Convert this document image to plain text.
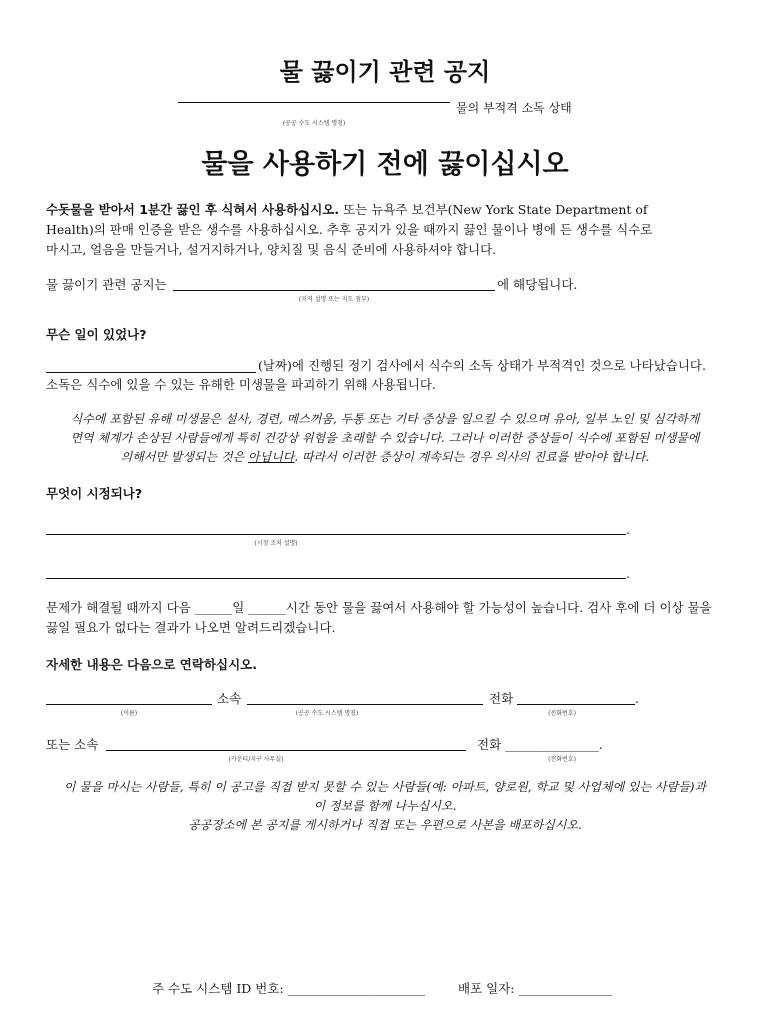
물 끓이기 관련 공지
물의 부적격 소독 상태
(공공 수도 시스템 명칭)
물을 사용하기 전에 끓이십시오
수돗물을 받아서 1분간 끓인 후 식혀서 사용하십시오. 또는 뉴욕주 보건부(New York State Department of
Health)의 판매 인증을 받은 생수를 사용하십시오. 추후 공지가 있을 때까지 끓인 물이나 병에 든 생수를 식수로
마시고, 얼음을 만들거나, 설거지하거나, 양치질 및 음식 준비에 사용하셔야 합니다.
물 끓이기 관련 공지는	에 해당됩니다.
(지역 설명 또는 지도 첨부)
무슨 일이 있었나?
(날짜)에 진행된 정기 검사에서 식수의 소독 상태가 부적격인 것으로 나타났습니다.
소독은 식수에 있을 수 있는 유해한 미생물을 파괴하기 위해 사용됩니다.
식수에 포함된 유해 미생물은 설사, 경련, 메스꺼움, 두통 또는 기타 증상을 일으킬 수 있으며 유아, 일부 노인 및 심각하게
면역 체계가 손상된 사람들에게 특히 건강상 위험을 초래할 수 있습니다. 그러나 이러한 증상들이 식수에 포함된 미생물에
의해서만 발생되는 것은 아닙니다. 따라서 이러한 증상이 계속되는 경우 의사의 진료를 받아야 합니다.
무엇이 시정되나?
.
(시정 조치 설명)
.
문제가 해결될 때까지 다음 ______일 ______시간 동안 물을 끓여서 사용해야 할 가능성이 높습니다. 검사 후에 더 이상 물을
끓일 필요가 없다는 결과가 나오면 알려드리겠습니다.
자세한 내용은 다음으로 연락하십시오.
소속	전화	.
(이름)	(공공 수도 시스템 명칭)	(전화번호)
또는 소속	전화 _______________.
(카운티/지구 사무실)	(전화번호)
이 물을 마시는 사람들, 특히 이 공고를 직접 받지 못할 수 있는 사람들(예: 아파트, 양로원, 학교 및 사업체에 있는 사람들)과
이 정보를 함께 나누십시오.
공공장소에 본 공지를 게시하거나 직접 또는 우편으로 사본을 배포하십시오.
주 수도 시스템 ID 번호: ______________________	배포 일자: _______________
